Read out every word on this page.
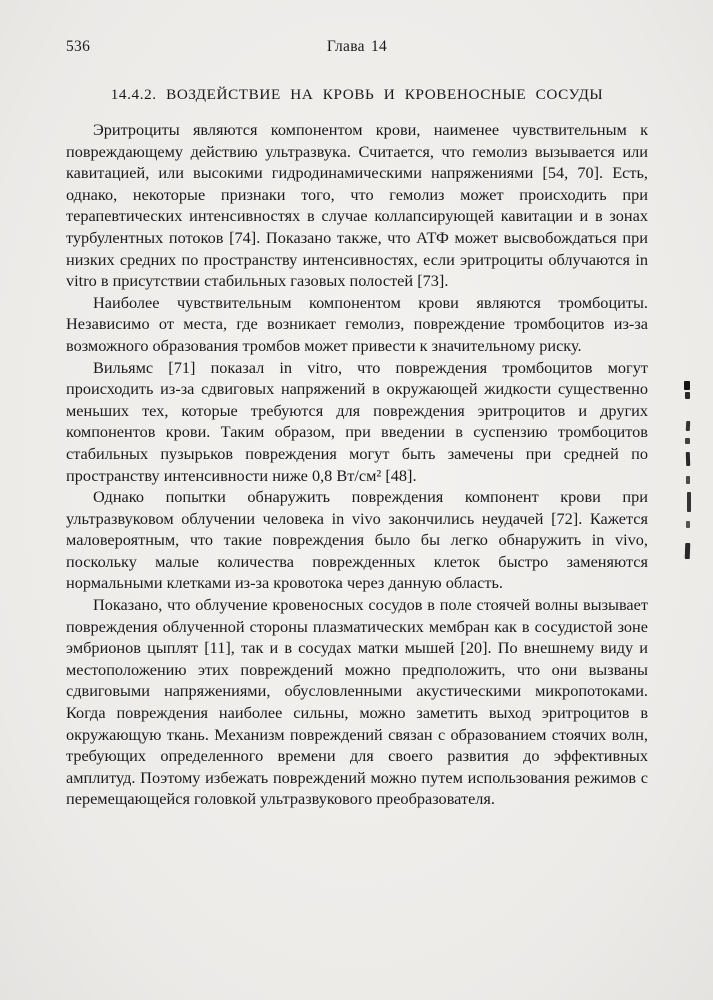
536	Глава 14
14.4.2. ВОЗДЕЙСТВИЕ НА КРОВЬ И КРОВЕНОСНЫЕ СОСУДЫ

Эритроциты являются компонентом крови, наименее чувствительным к повреждающему действию ультразвука. Считается, что гемолиз вызывается или кавитацией, или высокими гидродинамическими напряжениями [54, 70]. Есть, однако, некоторые признаки того, что гемолиз может происходить при терапевтических интенсивностях в случае коллапсирующей кавитации и в зонах турбулентных потоков [74]. Показано также, что АТФ может высвобождаться при низких средних по пространству интенсивностях, если эритроциты облучаются in vitro в присутствии стабильных газовых полостей [73].

Наиболее чувствительным компонентом крови являются тромбоциты. Независимо от места, где возникает гемолиз, повреждение тромбоцитов из-за возможного образования тромбов может привести к значительному риску.

Вильямс [71] показал in vitro, что повреждения тромбоцитов могут происходить из-за сдвиговых напряжений в окружающей жидкости существенно меньших тех, которые требуются для повреждения эритроцитов и других компонентов крови. Таким образом, при введении в суспензию тромбоцитов стабильных пузырьков повреждения могут быть замечены при средней по пространству интенсивности ниже 0,8 Вт/см² [48].

Однако попытки обнаружить повреждения компонент крови при ультразвуковом облучении человека in vivo закончились неудачей [72]. Кажется маловероятным, что такие повреждения было бы легко обнаружить in vivo, поскольку малые количества поврежденных клеток быстро заменяются нормальными клетками из-за кровотока через данную область.

Показано, что облучение кровеносных сосудов в поле стоячей волны вызывает повреждения облученной стороны плазматических мембран как в сосудистой зоне эмбрионов цыплят [11], так и в сосудах матки мышей [20]. По внешнему виду и местоположению этих повреждений можно предположить, что они вызваны сдвиговыми напряжениями, обусловленными акустическими микропотоками. Когда повреждения наиболее сильны, можно заметить выход эритроцитов в окружающую ткань. Механизм повреждений связан с образованием стоячих волн, требующих определенного времени для своего развития до эффективных амплитуд. Поэтому избежать повреждений можно путем использования режимов с перемещающейся головкой ультразвукового преобразователя.
